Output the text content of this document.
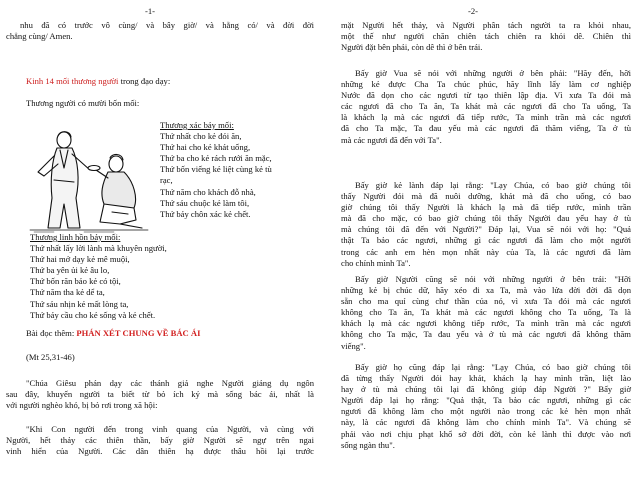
-1-
nhu đã có trước vô cùng/ và bây giờ/ và hằng có/ và đời đời
chẳng cùng/ Amen.

Kinh 14 mối thương người trong đạo dạy:

Thương người có mười bốn mối:

Thương xác bảy mối:
Thứ nhất cho kẻ đói ăn,
Thứ hai cho kẻ khát uống,
Thứ ba cho kẻ rách rưới ăn mặc,
Thứ bốn viếng kẻ liệt cùng kẻ tù
rạc,
Thứ năm cho khách đỗ nhà,
Thứ sáu chuộc kẻ làm tôi,
Thứ bảy chôn xác kẻ chết.
Thương linh hồn bảy mối:
Thứ nhất lấy lời lành mà khuyên người,
Thứ hai mở dạy kẻ mê muội,
Thứ ba yên ủi kẻ âu lo,
Thứ bốn răn bảo kẻ có tội,
Thứ năm tha kẻ dể ta,
Thứ sáu nhịn kẻ mất lòng ta,
Thứ bảy cầu cho kẻ sống và kẻ chết.

Bài đọc thêm: PHÁN XÉT CHUNG VỀ BÁC ÁI

(Mt 25,31-46)

"Chúa Giêsu phán dạy các thánh giả nghe Người giảng dụ ngôn
sau đây, khuyến người ta biết từ bỏ ích kỷ mà sống bác ái, nhất là
với người nghèo khó, bị bỏ rơi trong xã hội:
"Khi Con người đến trong vinh quang của Người, và cùng với
Người, hết thảy các thiên thần, bấy giờ Người sẽ ngự trên ngai
vinh hiển của Người. Các dân thiên hạ được thâu hồi lại trước
-2-
mặt Người hết thảy, và Người phân tách người ta ra khỏi nhau,
một thế như người chăn chiên tách chiên ra khỏi dê. Chiên thì
Người đặt bên phải, còn dê thì ở bên trái.
Bấy giờ Vua sẽ nói với những người ở bên phải: "Hãy đến, hỡi
những kẻ được Cha Ta chúc phúc, hãy lĩnh lấy làm cơ nghiệp
Nước đã dọn cho các ngươi từ tạo thiên lập địa. Vì xưa Ta đói mà
các ngươi đã cho Ta ăn, Ta khát mà các ngươi đã cho Ta uống, Ta
là khách lạ mà các ngươi đã tiếp rước, Ta mình trần mà các ngươi
đã cho Ta mặc, Ta đau yếu mà các ngươi đã thăm viếng, Ta ở tù
mà các ngươi đã đến với Ta".
Bấy giờ kẻ lành đáp lại rằng: "Lạy Chúa, có bao giờ chúng tôi
thấy Người đói mà đã nuôi dưỡng, khát mà đã cho uống, có bao
giờ chúng tôi thấy Người là khách lạ mà đã tiếp rước, mình trần
mà đã cho mặc, có bao giờ chúng tôi thấy Người đau yếu hay ở tù
mà chúng tôi đã đến với Người?" Đáp lại, Vua sẽ nói với họ: "Quả
thật Ta bảo các ngươi, những gì các ngươi đã làm cho một người
trong các anh em hèn mọn nhất này của Ta, là các ngươi đã làm
cho chính mình Ta".
Bấy giờ Người cũng sẽ nói với những người ở bên trái: "Hỡi
những kẻ bị chúc dữ, hãy xéo đi xa Ta, mà vào lửa đời đời đã dọn
sẵn cho ma quỉ cùng chư thần của nó, vì xưa Ta đói mà các ngươi
không cho Ta ăn, Ta khát mà các ngươi không cho Ta uống, Ta là
khách lạ mà các ngươi không tiếp rước, Ta mình trần mà các ngươi
không cho Ta mặc, Ta đau yếu và ở tù mà các ngươi đã không thăm
viếng".
Bấy giờ họ cũng đáp lại rằng: "Lạy Chúa, có bao giờ chúng tôi
đã từng thấy Người đói hay khát, khách lạ hay mình trần, liệt lào
hay ở tù mà chúng tôi lại đã không giúp đáp Người ?" Bấy giờ
Người đáp lại họ rằng: "Quả thật, Ta bảo các ngươi, những gì các
ngươi đã không làm cho một người nào trong các kẻ hèn mọn nhất
này, là các ngươi đã không làm cho chính mình Ta". Và chúng sẽ
phải vào nơi chịu phạt khổ sở đời đời, còn kẻ lành thì được vào nơi
sống ngàn thu".
